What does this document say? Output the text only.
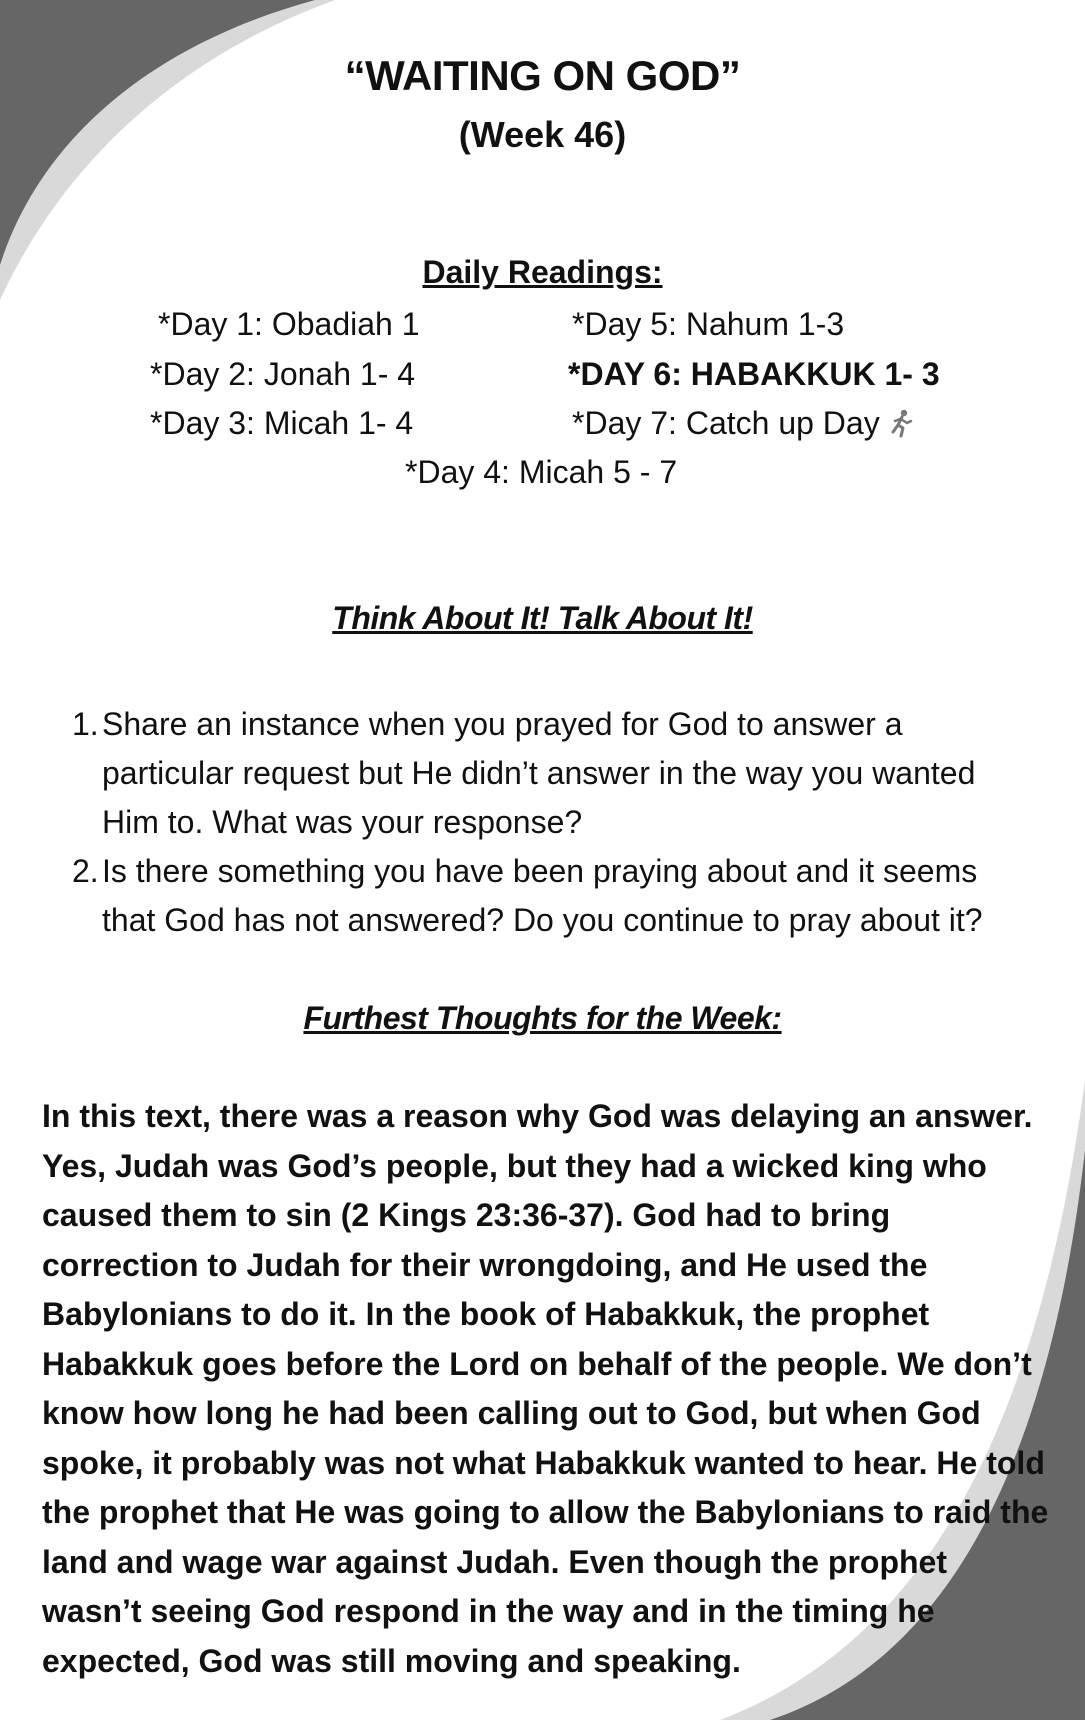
“WAITING ON GOD”
(Week 46)
Daily Readings:
*Day 1: Obadiah 1
*Day 2: Jonah 1- 4
*Day 3: Micah 1- 4
*Day 4: Micah 5 - 7
*Day 5: Nahum 1-3
*DAY 6: HABAKKUK 1- 3
*Day 7: Catch up Day
Think About It! Talk About It!
1. Share an instance when you prayed for God to answer a particular request but He didn’t answer in the way you wanted Him to. What was your response?
2. Is there something you have been praying about and it seems that God has not answered? Do you continue to pray about it?
Furthest Thoughts for the Week:

In this text, there was a reason why God was delaying an answer. Yes, Judah was God’s people, but they had a wicked king who caused them to sin (2 Kings 23:36-37). God had to bring correction to Judah for their wrongdoing, and He used the Babylonians to do it. In the book of Habakkuk, the prophet Habakkuk goes before the Lord on behalf of the people. We don’t know how long he had been calling out to God, but when God spoke, it probably was not what Habakkuk wanted to hear. He told the prophet that He was going to allow the Babylonians to raid the land and wage war against Judah. Even though the prophet wasn’t seeing God respond in the way and in the timing he expected, God was still moving and speaking.
